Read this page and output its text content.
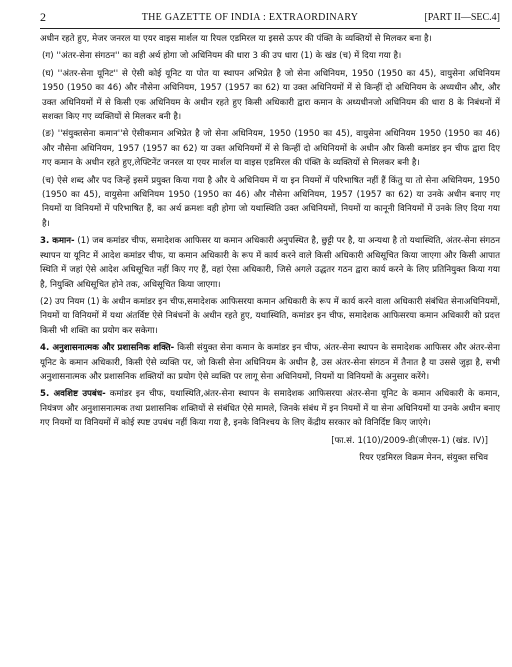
2	THE GAZETTE OF INDIA : EXTRAORDINARY	[PART II—SEC.4]

अधीन रहते हुए, मेजर जनरल या एयर वाइस मार्शल या रियल एडमिरल या इससे ऊपर की पंक्ति के व्यक्तियों से मिलकर बना है।

(ग) ''अंतर-सेना संगठन'' का वही अर्थ होगा जो अधिनियम की धारा 3 की उप धारा (1) के खंड (च) में दिया गया है।

(घ) ''अंतर-सेना यूनिट'' से ऐसी कोई यूनिट या पोत या स्थापन अभिप्रेत है जो सेना अधिनियम, 1950 (1950 का 45), वायुसेना अधिनियम 1950 (1950 का 46) और नौसेना अधिनियम, 1957 (1957 का 62) या उक्त अधिनियमों में से किन्हीं दो अधिनियम के अध्यधीन और, और उक्त अधिनियमों में से किसी एक अधिनियम के अधीन रहते हुए किसी अधिकारी द्वारा कमान के अध्यधीनजो अधिनियम की धारा 8 के निबंधनों में सशक्त किए गए व्यक्तियों से मिलकर बनी है।

(ङ) ''संयुक्तसेना कमान''से ऐसीकमान अभिप्रेत है जो सेना अधिनियम, 1950 (1950 का 45), वायुसेना अधिनियम 1950 (1950 का 46) और नौसेना अधिनियम, 1957 (1957 का 62) या उक्त अधिनियमों में से किन्हीं दो अधिनियमों के अधीन और किसी कमांडर इन चीफ द्वारा दिए गए कमान के अधीन रहते हुए,लेफ्टिनेंट जनरल या एयर मार्शल या वाइस एडमिरल की पंक्ति के व्यक्तियों से मिलकर बनी है।

(च) ऐसे शब्द और पद जिन्हें इसमें प्रयुक्त किया गया है और ये अधिनियम में या इन नियमों में परिभाषित नहीं हैं किंतु या तो सेना अधिनियम, 1950 (1950 का 45), वायुसेना अधिनियम 1950 (1950 का 46) और नौसेना अधिनियम, 1957 (1957 का 62) या उनके अधीन बनाए गए नियमों या विनियमों में परिभाषित हैं, का अर्थ क्रमशः वही होगा जो यथास्थिति उक्त अधिनियमों, नियमों या कानूनी विनियमों में उनके लिए दिया गया है।

3. कमान- (1) जब कमांडर चीफ, समादेशक आफिसर या कमान अधिकारी अनुपस्थित है, छुट्टी पर है, या अन्यथा है तो यथास्थिति, अंतर-सेना संगठन स्थापन या यूनिट में आदेश कमांडर चीफ, या कमान अधिकारी के रूप में कार्य करने वाले किसी अधिकारी अधिसूचित किया जाएगा और किसी आपात स्थिति में जहां ऐसे आदेश अधिसूचित नहीं किए गए हैं, वहां ऐसा अधिकारी, जिसे अगले उद्धतर गठन द्वारा कार्य करने के लिए प्रतिनियुक्त किया गया है, नियुक्ति अधिसूचित होने तक, अधिसूचित किया जाएगा।

(2) उप नियम (1) के अधीन कमांडर इन चीफ,समादेशक आफिसरया कमान अधिकारी के रूप में कार्य करने वाला अधिकारी संबंधित सेनाअधिनियमों, नियमों या विनियमों में यथा अंतर्विष्ट ऐसे निबंधनों के अधीन रहते हुए, यथास्थिति, कमांडर इन चीफ, समादेशक आफिसरया कमान अधिकारी को प्रदत्त किसी भी शक्ति का प्रयोग कर सकेगा।

4. अनुशासनात्मक और प्रशासनिक शक्ति- किसी संयुक्त सेना कमान के कमांडर इन चीफ, अंतर-सेना स्थापन के समादेशक आफिसर और अंतर-सेना यूनिट के कमान अधिकारी, किसी ऐसे व्यक्ति पर, जो किसी सेना अधिनियम के अधीन है, उस अंतर-सेना संगठन में तैनात है या उससे जुड़ा है, सभी अनुशासनात्मक और प्रशासनिक शक्तियों का प्रयोग ऐसे व्यक्ति पर लागू सेना अधिनियमों, नियमों या विनियमों के अनुसार करेंगे।

5. अवशिष्ट उपबंध- कमांडर इन चीफ, यथास्थिति,अंतर-सेना स्थापन के समादेशक आफिसरया अंतर-सेना यूनिट के कमान अधिकारी के कमान, नियंत्रण और अनुशासनात्मक तथा प्रशासनिक शक्तियों से संबंधित ऐसे मामले, जिनके संबंध में इन नियमों में या सेना अधिनियमों या उनके अधीन बनाए गए नियमों या विनियमों में कोई स्पष्ट उपबंध नहीं किया गया है, इनके विनिश्चय के लिए केंद्रीय सरकार को विनिर्दिष्ट किए जाएंगे।

[फा.सं. 1(10)/2009-डी(जीएस-1) (खंड. IV)]

रियर एडमिरल विक्रम मेनन, संयुक्त सचिव
